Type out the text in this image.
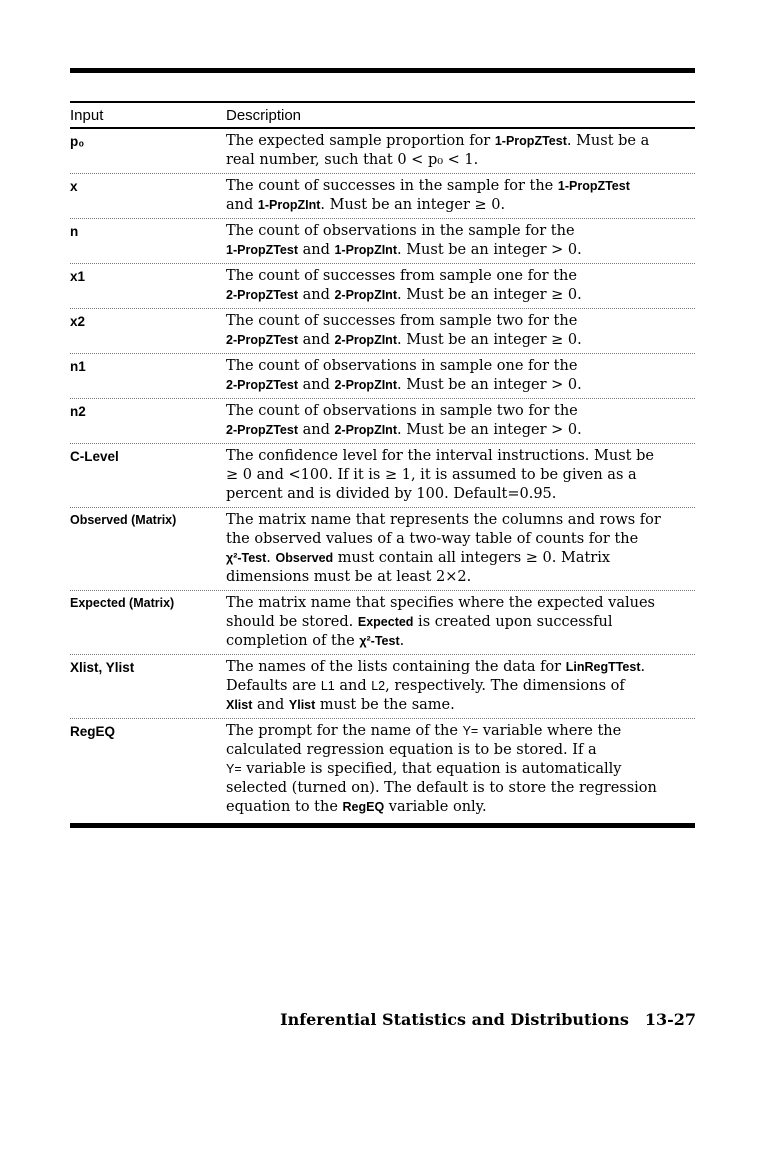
Input	Description
p₀	The expected sample proportion for 1-PropZTest. Must be a
real number, such that 0 < p₀ < 1.
x	The count of successes in the sample for the 1-PropZTest
and 1-PropZInt. Must be an integer ≥ 0.
n	The count of observations in the sample for the
1-PropZTest and 1-PropZInt. Must be an integer > 0.
x1	The count of successes from sample one for the
2-PropZTest and 2-PropZInt. Must be an integer ≥ 0.
x2	The count of successes from sample two for the
2-PropZTest and 2-PropZInt. Must be an integer ≥ 0.
n1	The count of observations in sample one for the
2-PropZTest and 2-PropZInt. Must be an integer > 0.
n2	The count of observations in sample two for the
2-PropZTest and 2-PropZInt. Must be an integer > 0.
C-Level	The confidence level for the interval instructions. Must be
≥ 0 and <100. If it is ≥ 1, it is assumed to be given as a
percent and is divided by 100. Default=0.95.
Observed (Matrix)	The matrix name that represents the columns and rows for
the observed values of a two-way table of counts for the
χ²-Test. Observed must contain all integers ≥ 0. Matrix
dimensions must be at least 2×2.
Expected (Matrix)	The matrix name that specifies where the expected values
should be stored. Expected is created upon successful
completion of the χ²-Test.
Xlist, Ylist	The names of the lists containing the data for LinRegTTest.
Defaults are L1 and L2, respectively. The dimensions of
Xlist and Ylist must be the same.
RegEQ	The prompt for the name of the Y= variable where the
calculated regression equation is to be stored. If a
Y= variable is specified, that equation is automatically
selected (turned on). The default is to store the regression
equation to the RegEQ variable only.
Inferential Statistics and Distributions 13-27
